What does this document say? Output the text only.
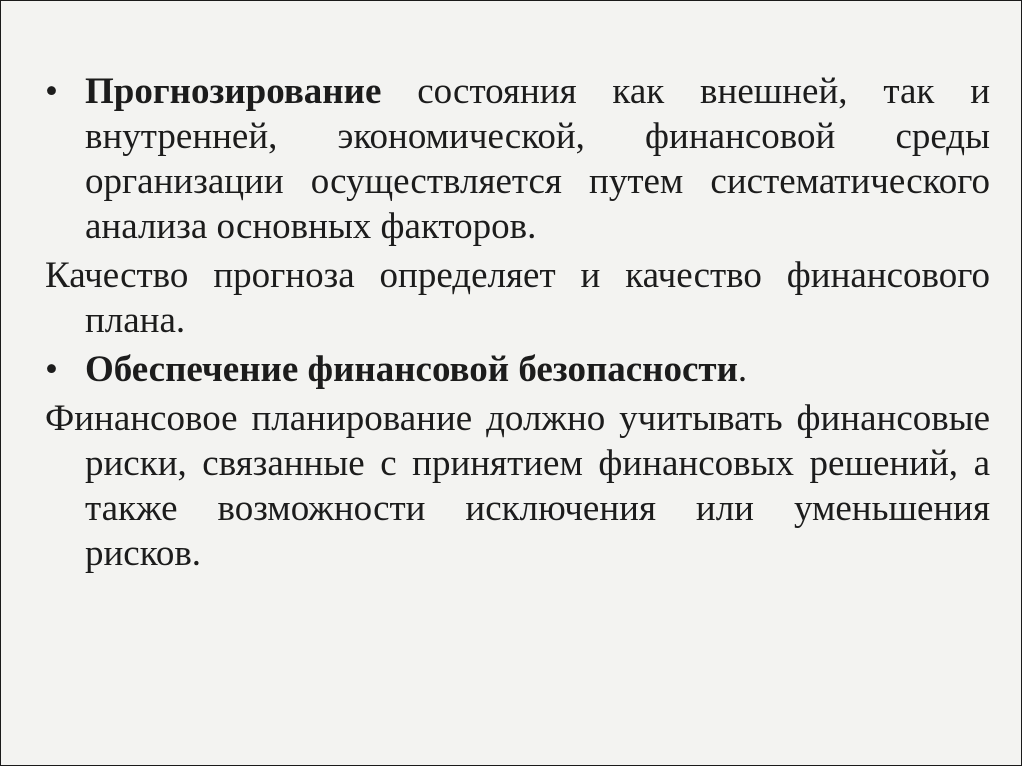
• Прогнозирование состояния как внешней, так и внутренней, экономической, финансовой среды организации осуществляется путем систематического анализа основных факторов.
Качество прогноза определяет и качество финансового плана.
• Обеспечение финансовой безопасности.
Финансовое планирование должно учитывать финансовые риски, связанные с принятием финансовых решений, а также возможности исключения или уменьшения рисков.
